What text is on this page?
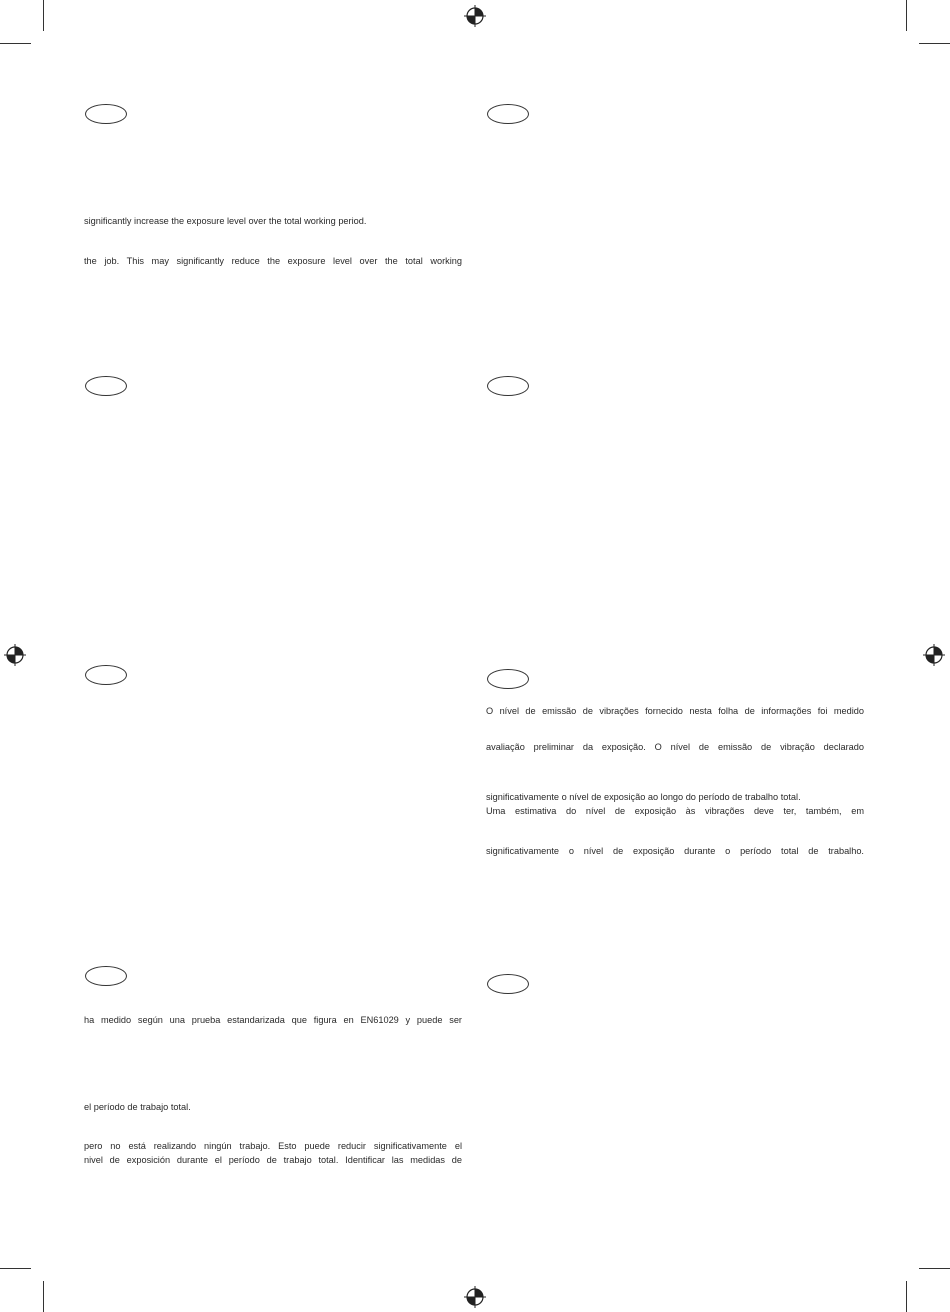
significantly increase the exposure level over the total working period.
the job. This may significantly reduce the exposure level over the total working
O nível de emissão de vibrações fornecido nesta folha de informações foi medido
avaliação preliminar da exposição. O nível de emissão de vibração declarado
significativamente o nível de exposição ao longo do período de trabalho total.
Uma estimativa do nível de exposição às vibrações deve ter, também, em
significativamente o nível de exposição durante o período total de trabalho.
ha medido según una prueba estandarizada que figura en EN61029 y puede ser
el período de trabajo total.
pero no está realizando ningún trabajo. Esto puede reducir significativamente el
nivel de exposición durante el período de trabajo total. Identificar las medidas de
